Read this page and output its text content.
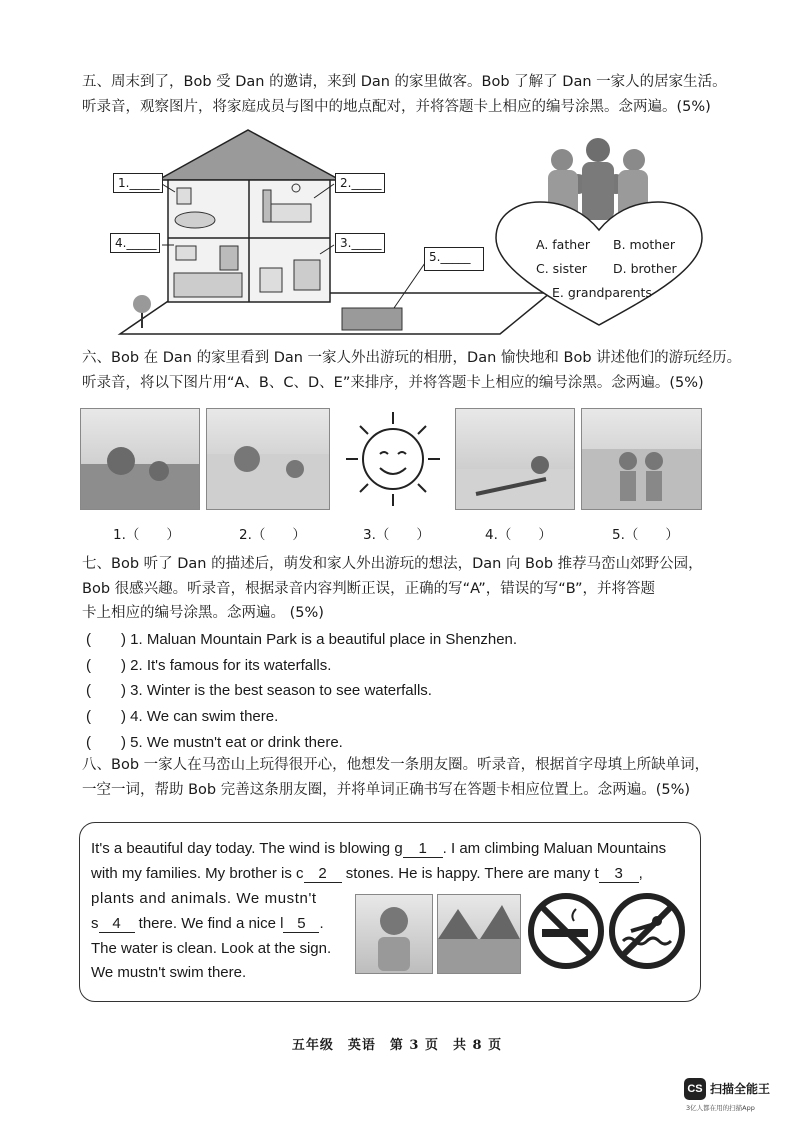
五、周末到了，Bob 受 Dan 的邀请，来到 Dan 的家里做客。Bob 了解了 Dan 一家人的居家生活。
听录音，观察图片，将家庭成员与图中的地点配对，并将答题卡上相应的编号涂黑。念两遍。(5%)
1._____	2._____
4._____	3._____
5._____
A. father B. mother
C. sister D. brother
E. grandparents
六、Bob 在 Dan 的家里看到 Dan 一家人外出游玩的相册，Dan 愉快地和 Bob 讲述他们的游玩经历。
听录音，将以下图片用“A、B、C、D、E”来排序，并将答题卡上相应的编号涂黑。念两遍。(5%)
1.（　　）	2.（　　）	3.（　　）	4.（　　）	5.（　　）
七、Bob 听了 Dan 的描述后，萌发和家人外出游玩的想法，Dan 向 Bob 推荐马峦山郊野公园，
Bob 很感兴趣。听录音，根据录音内容判断正误，正确的写“A”，错误的写“B”，并将答题
卡上相应的编号涂黑。念两遍。 (5%)
(　　) 1. Maluan Mountain Park is a beautiful place in Shenzhen.
(　　) 2. It's famous for its waterfalls.
(　　) 3. Winter is the best season to see waterfalls.
(　　) 4. We can swim there.
(　　) 5. We mustn't eat or drink there.
八、Bob 一家人在马峦山上玩得很开心，他想发一条朋友圈。听录音，根据首字母填上所缺单词，
一空一词，帮助 Bob 完善这条朋友圈，并将单词正确书写在答题卡相应位置上。念两遍。(5%)
It's a beautiful day today. The wind is blowing g 1 . I am climbing Maluan Mountains
with my families. My brother is c 2 stones. He is happy. There are many t 3 ,
plants and animals. We mustn't
s 4 there. We find a nice l 5 .
The water is clean. Look at the sign.
We mustn't swim there.
五年级　英语　第 3 页　共 8 页
CS 扫描全能王
3亿人都在用的扫描App
